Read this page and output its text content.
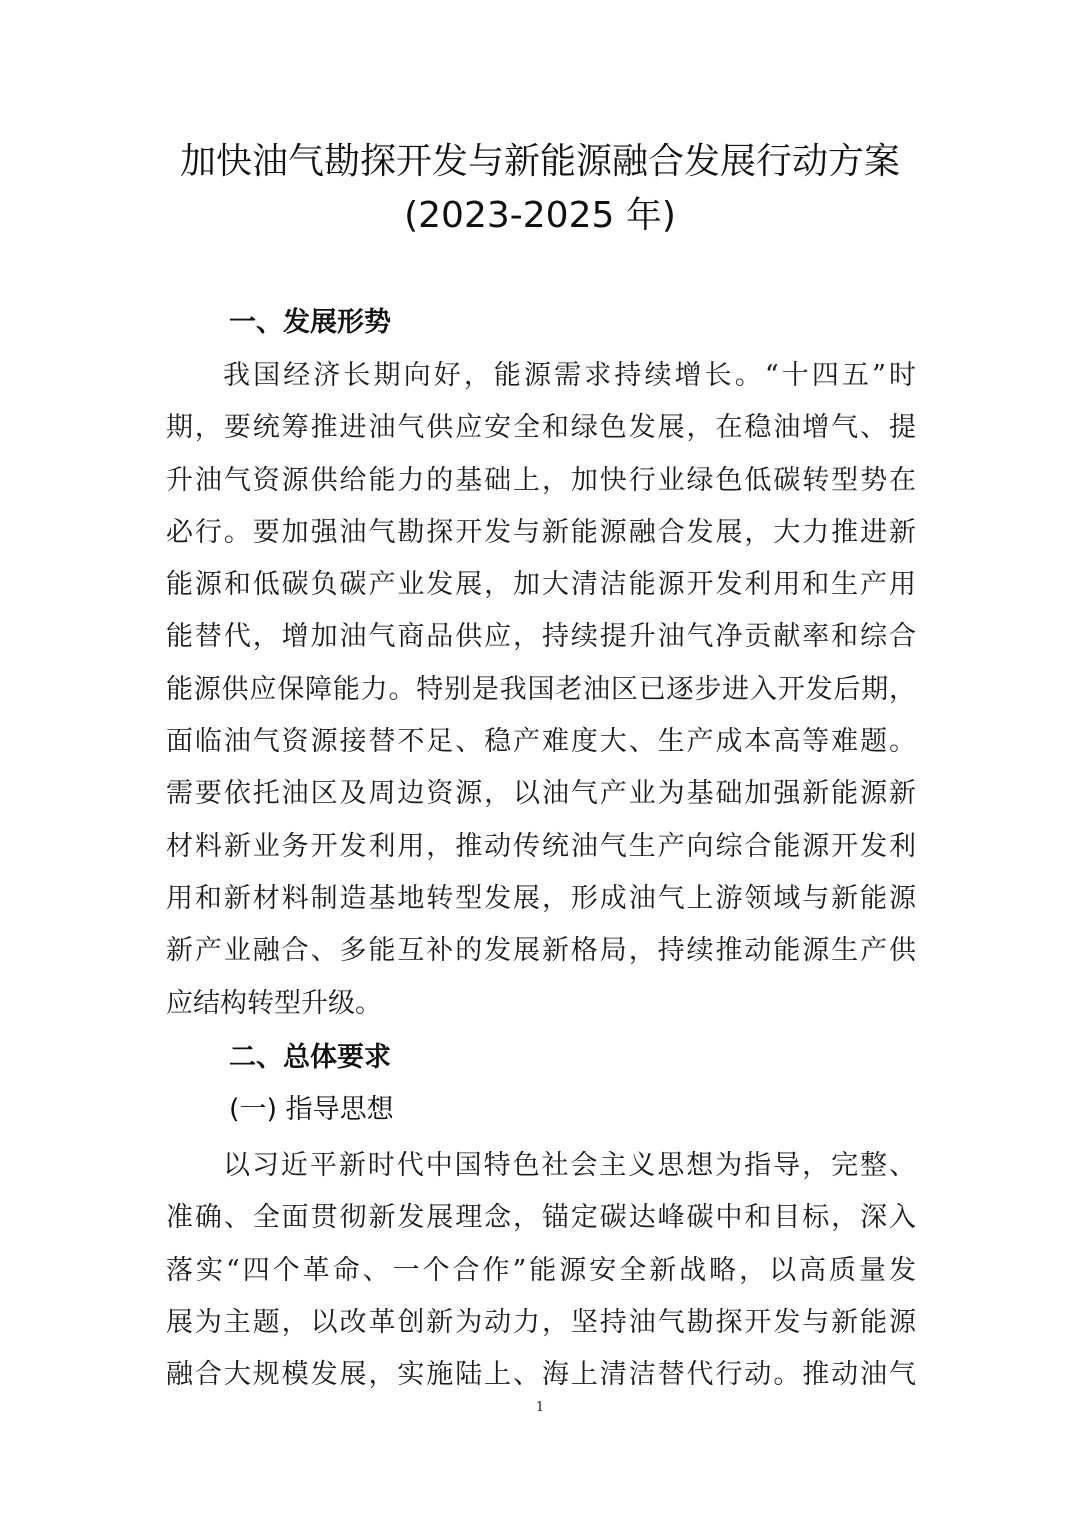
加快油气勘探开发与新能源融合发展行动方案
(2023-2025 年)
一、发展形势
我国经济长期向好，能源需求持续增长。“十四五”时
期，要统筹推进油气供应安全和绿色发展，在稳油增气、提
升油气资源供给能力的基础上，加快行业绿色低碳转型势在
必行。要加强油气勘探开发与新能源融合发展，大力推进新
能源和低碳负碳产业发展，加大清洁能源开发利用和生产用
能替代，增加油气商品供应，持续提升油气净贡献率和综合
能源供应保障能力。特别是我国老油区已逐步进入开发后期，
面临油气资源接替不足、稳产难度大、生产成本高等难题。
需要依托油区及周边资源，以油气产业为基础加强新能源新
材料新业务开发利用，推动传统油气生产向综合能源开发利
用和新材料制造基地转型发展，形成油气上游领域与新能源
新产业融合、多能互补的发展新格局，持续推动能源生产供
应结构转型升级。
二、总体要求
(一) 指导思想
以习近平新时代中国特色社会主义思想为指导，完整、
准确、全面贯彻新发展理念，锚定碳达峰碳中和目标，深入
落实“四个革命、一个合作”能源安全新战略，以高质量发
展为主题，以改革创新为动力，坚持油气勘探开发与新能源
融合大规模发展，实施陆上、海上清洁替代行动。推动油气
1
